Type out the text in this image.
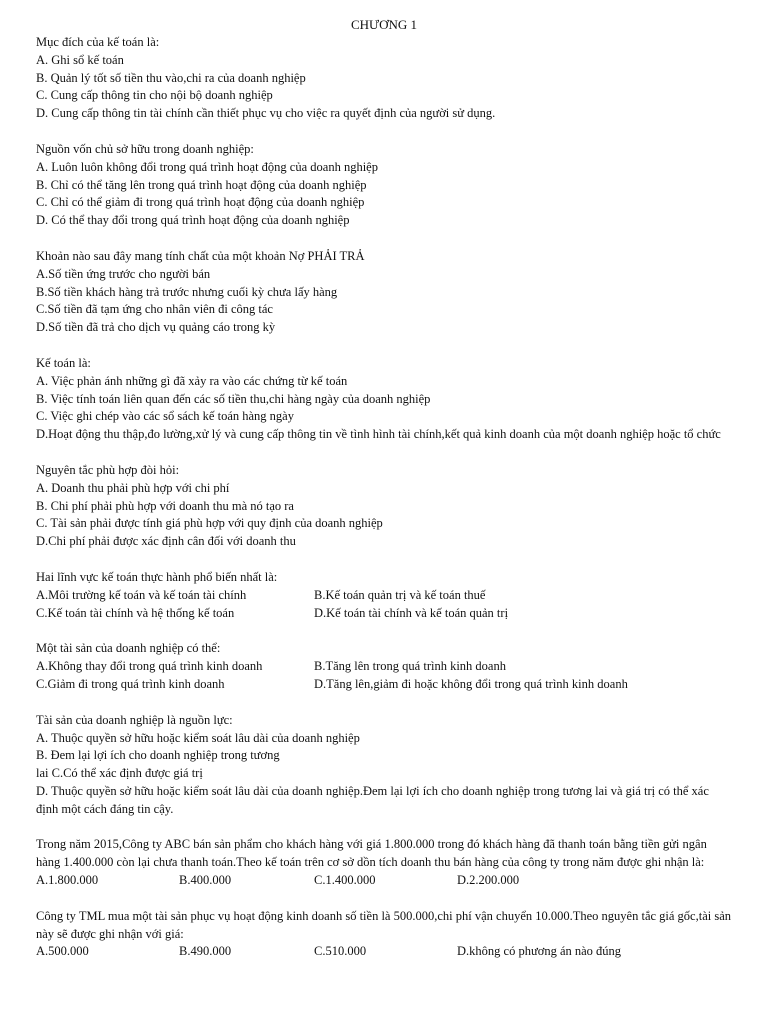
CHƯƠNG 1
Mục đích của kế toán là:
A. Ghi sổ kế toán
B. Quản lý tốt số tiền thu vào,chi ra của doanh nghiệp
C. Cung cấp thông tin cho nội bộ doanh nghiệp
D. Cung cấp thông tin tài chính cần thiết phục vụ cho việc ra quyết định của người sử dụng.
Nguồn vốn chủ sở hữu trong doanh nghiệp:
A. Luôn luôn không đổi trong quá trình hoạt động của doanh nghiệp
B. Chỉ có thể tăng lên trong quá trình hoạt động của doanh nghiệp
C. Chỉ có thể giảm đi trong quá trình hoạt động của doanh nghiệp
D. Có thể thay đổi trong quá trình hoạt động của doanh nghiệp
Khoản nào sau đây mang tính chất của một khoản Nợ PHẢI TRẢ
A.Số tiền ứng trước cho người bán
B.Số tiền khách hàng trả trước nhưng cuối kỳ chưa lấy hàng
C.Số tiền đã tạm ứng cho nhân viên đi công tác
D.Số tiền đã trả cho dịch vụ quảng cáo trong kỳ
Kế toán là:
A. Việc phản ánh những gì đã xảy ra vào các chứng từ kế toán
B. Việc tính toán liên quan đến các số tiền thu,chi hàng ngày của doanh nghiệp
C. Việc ghi chép vào các sổ sách kế toán hàng ngày
D.Hoạt động thu thập,đo lường,xử lý và cung cấp thông tin về tình hình tài chính,kết quả kinh doanh của một doanh nghiệp hoặc tổ chức
Nguyên tắc phù hợp đòi hỏi:
A. Doanh thu phải phù hợp với chi phí
B. Chi phí phải phù hợp với doanh thu mà nó tạo ra
C. Tài sản phải được tính giá phù hợp với quy định của doanh nghiệp
D.Chi phí phải được xác định cân đối với doanh thu
Hai lĩnh vực kế toán thực hành phổ biến nhất là:
A.Môi trường kế toán và kế toán tài chính	B.Kế toán quản trị và kế toán thuế
C.Kế toán tài chính và hệ thống kế toán	D.Kế toán tài chính và kế toán quản trị
Một tài sản của doanh nghiệp có thể:
A.Không thay đổi trong quá trình kinh doanh	B.Tăng lên trong quá trình kinh doanh
C.Giảm đi trong quá trình kinh doanh	D.Tăng lên,giảm đi hoặc không đổi trong quá trình kinh doanh
Tài sản của doanh nghiệp là nguồn lực:
A. Thuộc quyền sở hữu hoặc kiểm soát lâu dài của doanh nghiệp
B. Đem lại lợi ích cho doanh nghiệp trong tương
lai C.Có thể xác định được giá trị
D. Thuộc quyền sở hữu hoặc kiểm soát lâu dài của doanh nghiệp.Đem lại lợi ích cho doanh nghiệp trong tương lai và giá trị có thể xác định một cách đáng tin cậy.
Trong năm 2015,Công ty ABC bán sản phẩm cho khách hàng với giá 1.800.000 trong đó khách hàng đã thanh toán bằng tiền gửi ngân hàng 1.400.000 còn lại chưa thanh toán.Theo kế toán trên cơ sở dồn tích doanh thu bán hàng của công ty trong năm được ghi nhận là:
A.1.800.000	B.400.000	C.1.400.000	D.2.200.000
Công ty TML mua một tài sản phục vụ hoạt động kinh doanh số tiền là 500.000,chi phí vận chuyển 10.000.Theo nguyên tắc giá gốc,tài sản này sẽ được ghi nhận với giá:
A.500.000	B.490.000	C.510.000	D.không có phương án nào đúng
